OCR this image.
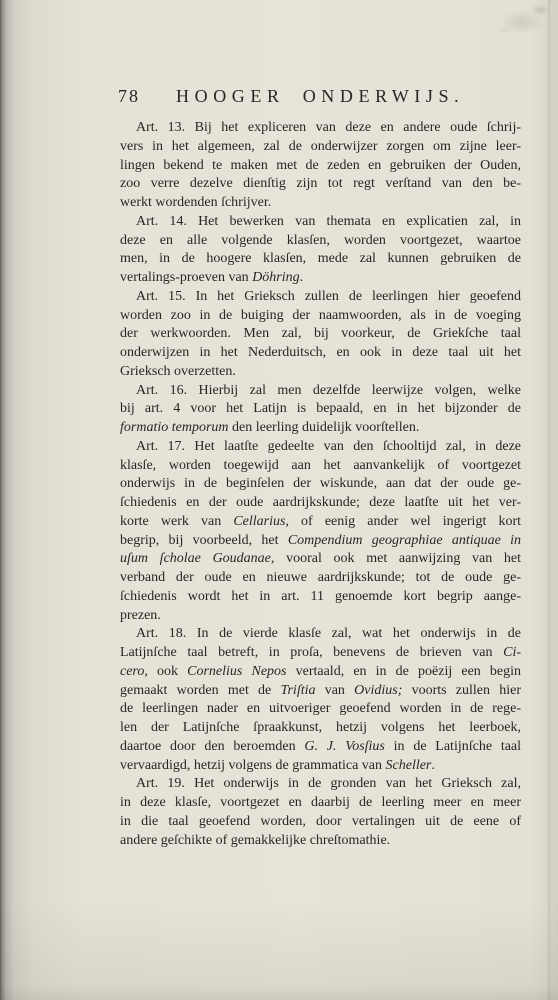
78 HOOGER ONDERWIJS.
Art. 13. Bij het expliceren van deze en andere oude ſchrij-
vers in het algemeen, zal de onderwijzer zorgen om zijne leer-
lingen bekend te maken met de zeden en gebruiken der Ouden,
zoo verre dezelve dienſtig zijn tot regt verſtand van den be-
werkt wordenden ſchrijver.
Art. 14. Het bewerken van themata en explicatien zal, in
deze en alle volgende klasſen, worden voortgezet, waartoe
men, in de hoogere klasſen, mede zal kunnen gebruiken de
vertalings-proeven van Döhring.
Art. 15. In het Grieksch zullen de leerlingen hier geoefend
worden zoo in de buiging der naamwoorden, als in de voeging
der werkwoorden. Men zal, bij voorkeur, de Griekſche taal
onderwijzen in het Nederduitsch, en ook in deze taal uit het
Grieksch overzetten.
Art. 16. Hierbij zal men dezelfde leerwijze volgen, welke
bij art. 4 voor het Latijn is bepaald, en in het bijzonder de
formatio temporum den leerling duidelijk voorſtellen.
Art. 17. Het laatſte gedeelte van den ſchooltijd zal, in deze
klasſe, worden toegewijd aan het aanvankelijk of voortgezet
onderwijs in de beginſelen der wiskunde, aan dat der oude ge-
ſchiedenis en der oude aardrijkskunde; deze laatſte uit het ver-
korte werk van Cellarius, of eenig ander wel ingerigt kort
begrip, bij voorbeeld, het Compendium geographiae antiquae in
uſum ſcholae Goudanae, vooral ook met aanwijzing van het
verband der oude en nieuwe aardrijkskunde; tot de oude ge-
ſchiedenis wordt het in art. 11 genoemde kort begrip aange-
prezen.
Art. 18. In de vierde klasſe zal, wat het onderwijs in de
Latijnſche taal betreft, in proſa, benevens de brieven van Ci-
cero, ook Cornelius Nepos vertaald, en in de poëzij een begin
gemaakt worden met de Triſtia van Ovidius; voorts zullen hier
de leerlingen nader en uitvoeriger geoefend worden in de rege-
len der Latijnſche ſpraakkunst, hetzij volgens het leerboek,
daartoe door den beroemden G. J. Vosſius in de Latijnſche taal
vervaardigd, hetzij volgens de grammatica van Scheller.
Art. 19. Het onderwijs in de gronden van het Grieksch zal,
in deze klasſe, voortgezet en daarbij de leerling meer en meer
in die taal geoefend worden, door vertalingen uit de eene of
andere geſchikte of gemakkelijke chreſtomathie.
